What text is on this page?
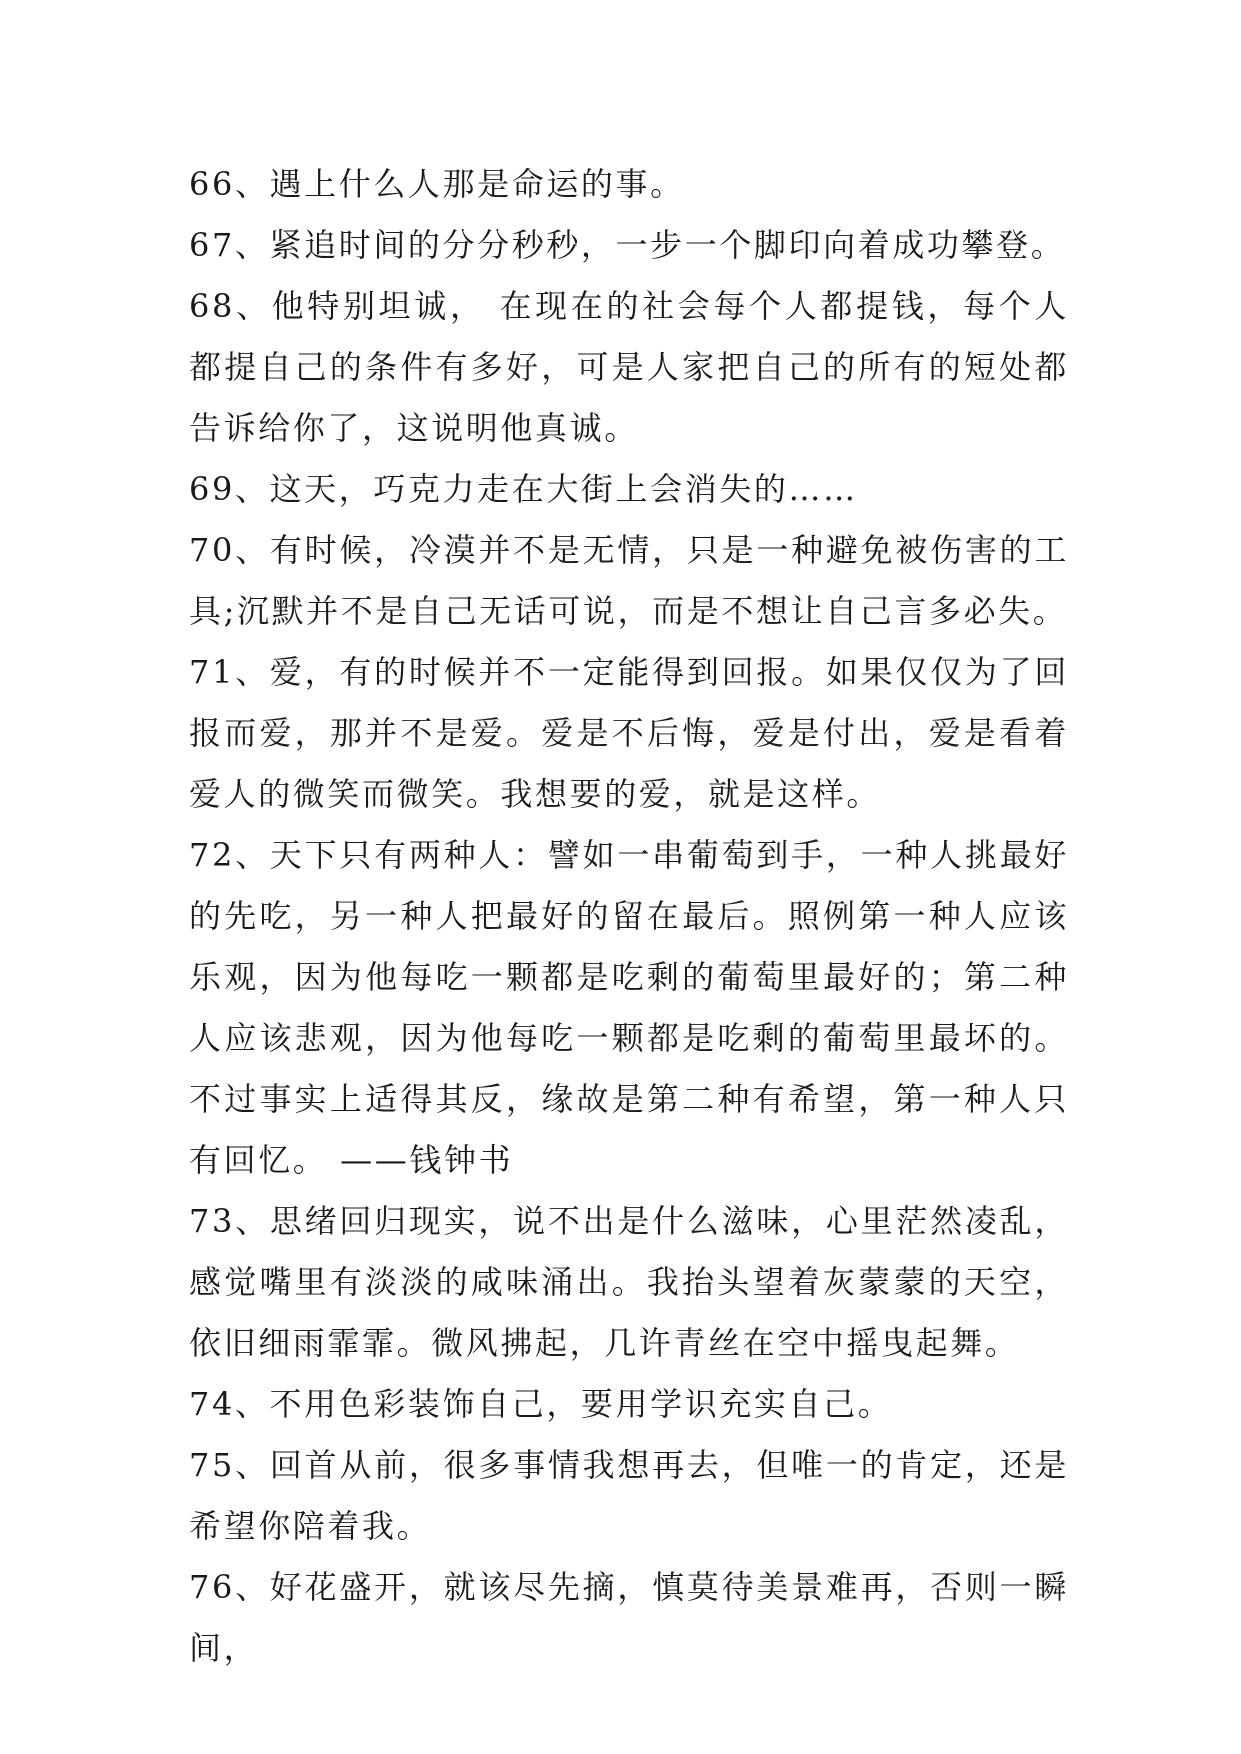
66、遇上什么人那是命运的事。

67、紧追时间的分分秒秒，一步一个脚印向着成功攀登。

68、他特别坦诚， 在现在的社会每个人都提钱，每个人都提自己的条件有多好，可是人家把自己的所有的短处都告诉给你了，这说明他真诚。

69、这天，巧克力走在大街上会消失的……

70、有时候，冷漠并不是无情，只是一种避免被伤害的工具;沉默并不是自己无话可说，而是不想让自己言多必失。

71、爱，有的时候并不一定能得到回报。如果仅仅为了回报而爱，那并不是爱。爱是不后悔，爱是付出，爱是看着爱人的微笑而微笑。我想要的爱，就是这样。

72、天下只有两种人：譬如一串葡萄到手，一种人挑最好的先吃，另一种人把最好的留在最后。照例第一种人应该乐观，因为他每吃一颗都是吃剩的葡萄里最好的；第二种人应该悲观，因为他每吃一颗都是吃剩的葡萄里最坏的。不过事实上适得其反，缘故是第二种有希望，第一种人只有回忆。 ——钱钟书

73、思绪回归现实，说不出是什么滋味，心里茫然凌乱，感觉嘴里有淡淡的咸味涌出。我抬头望着灰蒙蒙的天空，依旧细雨霏霏。微风拂起，几许青丝在空中摇曳起舞。

74、不用色彩装饰自己，要用学识充实自己。

75、回首从前，很多事情我想再去，但唯一的肯定，还是希望你陪着我。

76、好花盛开，就该尽先摘，慎莫待美景难再，否则一瞬间，
